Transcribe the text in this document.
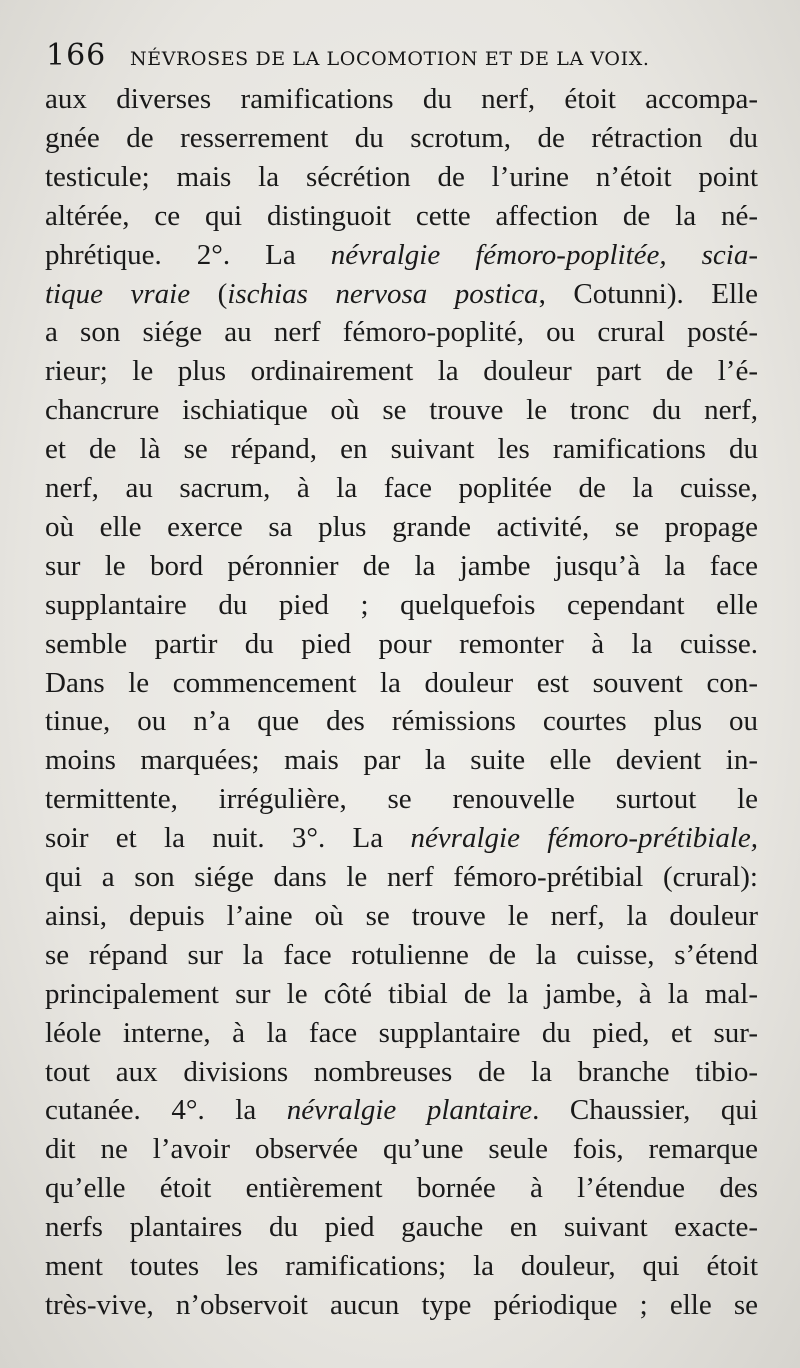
166 NÉVROSES DE LA LOCOMOTION ET DE LA VOIX.
aux diverses ramifications du nerf, étoit accompa-
gnée de resserrement du scrotum, de rétraction du
testicule; mais la sécrétion de l’urine n’étoit point
altérée, ce qui distinguoit cette affection de la né-
phrétique. 2°. La névralgie fémoro-poplitée, scia-
tique vraie (ischias nervosa postica, Cotunni). Elle
a son siége au nerf fémoro-poplité, ou crural posté-
rieur; le plus ordinairement la douleur part de l’é-
chancrure ischiatique où se trouve le tronc du nerf,
et de là se répand, en suivant les ramifications du
nerf, au sacrum, à la face poplitée de la cuisse,
où elle exerce sa plus grande activité, se propage
sur le bord péronnier de la jambe jusqu’à la face
supplantaire du pied ; quelquefois cependant elle
semble partir du pied pour remonter à la cuisse.
Dans le commencement la douleur est souvent con-
tinue, ou n’a que des rémissions courtes plus ou
moins marquées; mais par la suite elle devient in-
termittente, irrégulière, se renouvelle surtout le
soir et la nuit. 3°. La névralgie fémoro-prétibiale,
qui a son siége dans le nerf fémoro-prétibial (crural):
ainsi, depuis l’aine où se trouve le nerf, la douleur
se répand sur la face rotulienne de la cuisse, s’étend
principalement sur le côté tibial de la jambe, à la mal-
léole interne, à la face supplantaire du pied, et sur-
tout aux divisions nombreuses de la branche tibio-
cutanée. 4°. la névralgie plantaire. Chaussier, qui
dit ne l’avoir observée qu’une seule fois, remarque
qu’elle étoit entièrement bornée à l’étendue des
nerfs plantaires du pied gauche en suivant exacte-
ment toutes les ramifications; la douleur, qui étoit
très-vive, n’observoit aucun type périodique ; elle se
